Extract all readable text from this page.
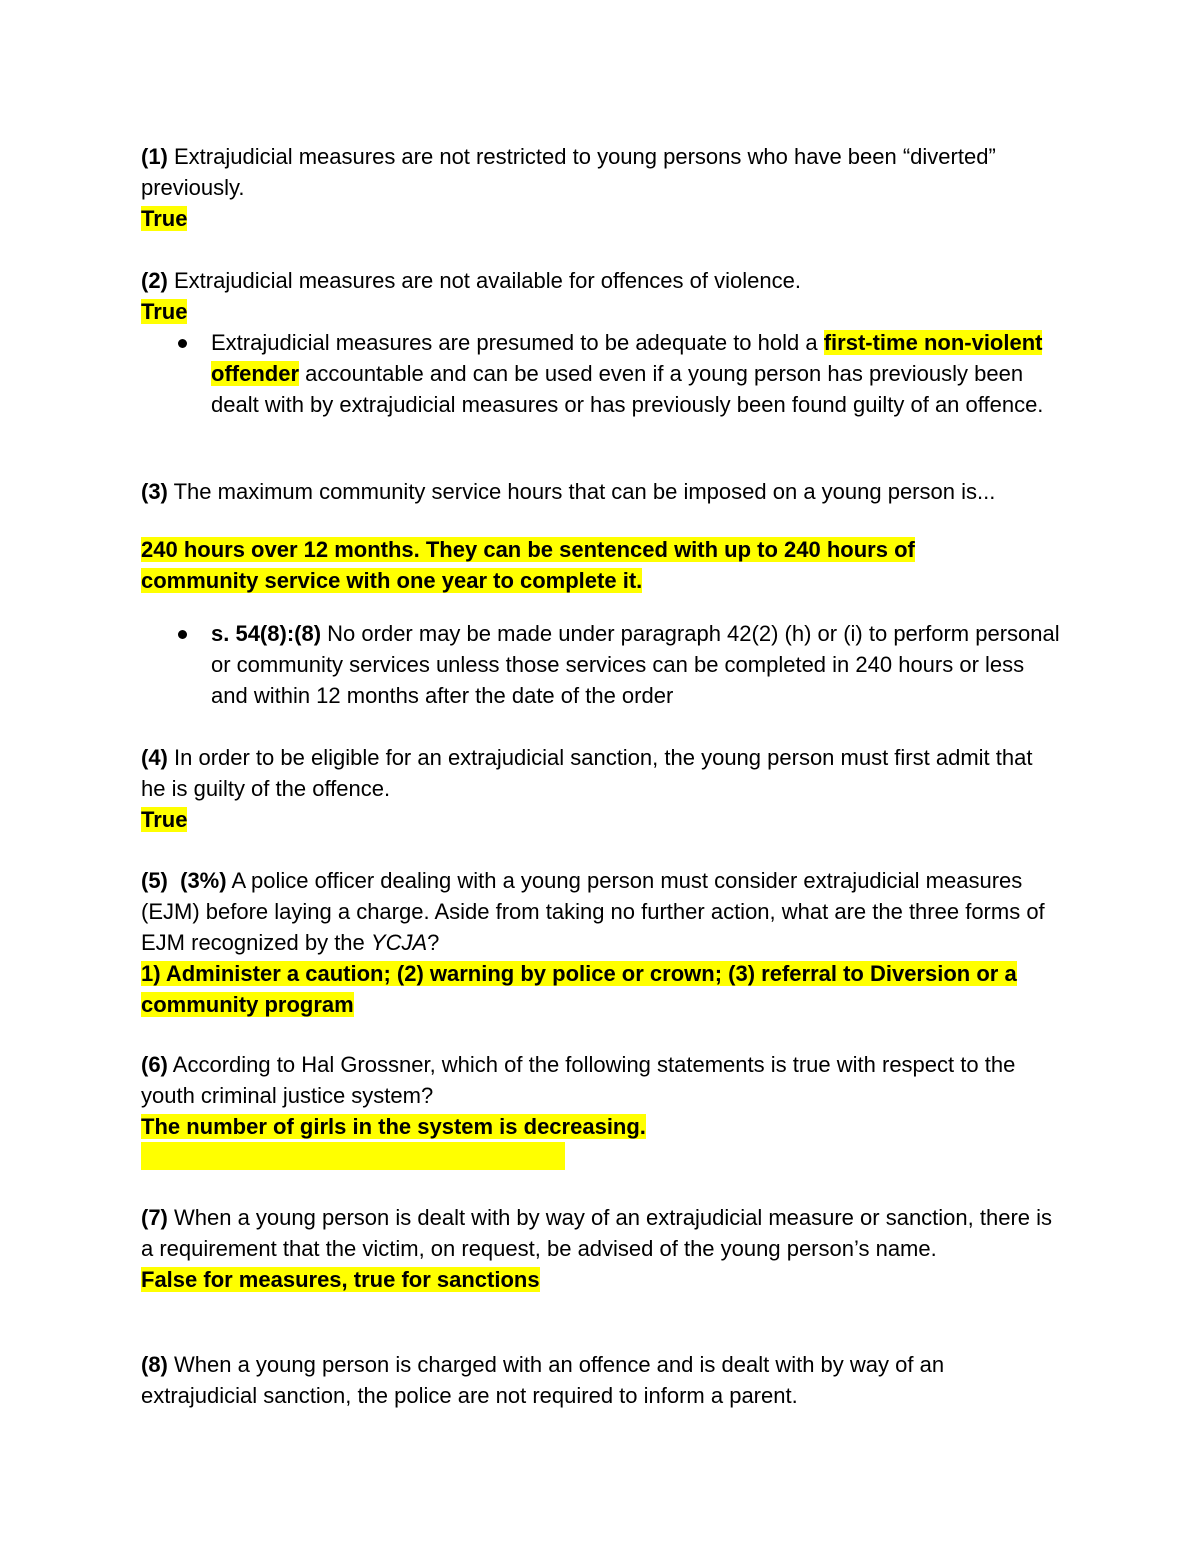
(1) Extrajudicial measures are not restricted to young persons who have been “diverted” previously.

True

(2) Extrajudicial measures are not available for offences of violence.

True

Extrajudicial measures are presumed to be adequate to hold a first-time non-violent offender accountable and can be used even if a young person has previously been dealt with by extrajudicial measures or has previously been found guilty of an offence.

(3) The maximum community service hours that can be imposed on a young person is...

240 hours over 12 months. They can be sentenced with up to 240 hours of community service with one year to complete it.

s. 54(8):(8) No order may be made under paragraph 42(2) (h) or (i) to perform personal or community services unless those services can be completed in 240 hours or less and within 12 months after the date of the order

(4) In order to be eligible for an extrajudicial sanction, the young person must first admit that he is guilty of the offence.

True

(5) (3%) A police officer dealing with a young person must consider extrajudicial measures (EJM) before laying a charge. Aside from taking no further action, what are the three forms of EJM recognized by the YCJA?

1) Administer a caution; (2) warning by police or crown; (3) referral to Diversion or a community program

(6) According to Hal Grossner, which of the following statements is true with respect to the youth criminal justice system?

The number of girls in the system is decreasing.

(7) When a young person is dealt with by way of an extrajudicial measure or sanction, there is a requirement that the victim, on request, be advised of the young person’s name.

False for measures, true for sanctions

(8) When a young person is charged with an offence and is dealt with by way of an extrajudicial sanction, the police are not required to inform a parent.
